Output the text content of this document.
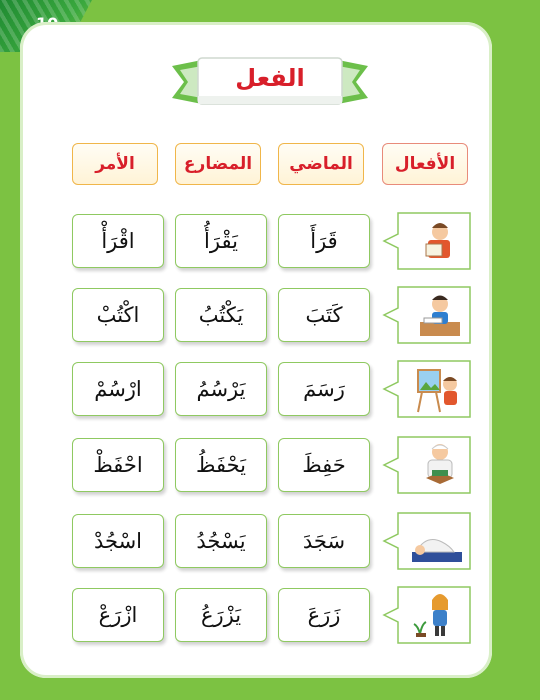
الفعل
الأفعال
الماضي
المضارع
الأمر
قَرَأَ
يَقْرَأُ
اقْرَأْ
كَتَبَ
يَكْتُبُ
اكْتُبْ
رَسَمَ
يَرْسُمُ
ارْسُمْ
حَفِظَ
يَحْفَظُ
احْفَظْ
سَجَدَ
يَسْجُدُ
اسْجُدْ
زَرَعَ
يَزْرَعُ
ازْرَعْ
